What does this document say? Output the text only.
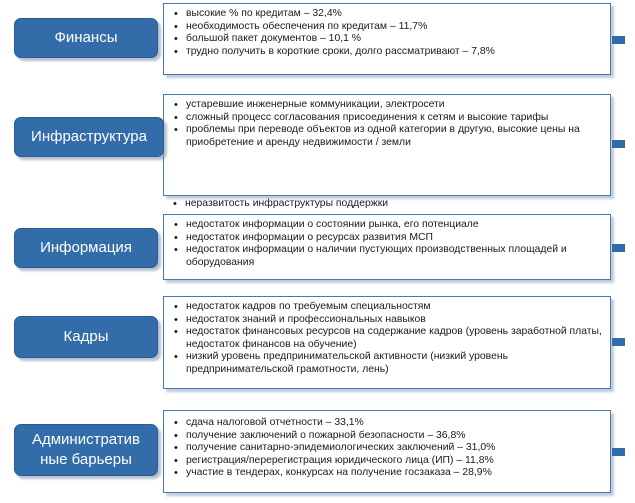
• высокие % по кредитам – 32,4%
• необходимость обеспечения по кредитам – 11,7%
• большой пакет документов – 10,1 %
• трудно получить в короткие сроки, долго рассматривают – 7,8%
Финансы
• устаревшие инженерные коммуникации, электросети
• сложный процесс согласования присоединения к сетям и высокие тарифы
• проблемы при переводе объектов из одной категории в другую, высокие цены на приобретение и аренду недвижимости / земли
Инфраструктура
• неразвитость инфраструктуры поддержки
• недостаток информации о состоянии рынка, его потенциале
• недостаток информации о ресурсах развития МСП
• недостаток информации о наличии пустующих производственных площадей и оборудования
Информация
• недостаток кадров по требуемым специальностям
• недостаток знаний и профессиональных навыков
• недостаток финансовых ресурсов на содержание кадров (уровень заработной платы, недостаток финансов на обучение)
• низкий уровень предпринимательской активности (низкий уровень предпринимательской грамотности, лень)
Кадры
• сдача налоговой отчетности – 33,1%
• получение заключений о пожарной безопасности – 36,8%
• получение санитарно-эпидемиологических заключений – 31,0%
• регистрация/перерегистрация юридического лица (ИП) – 11,8%
• участие в тендерах, конкурсах на получение госзаказа – 28,9%
Административ
ные барьеры
